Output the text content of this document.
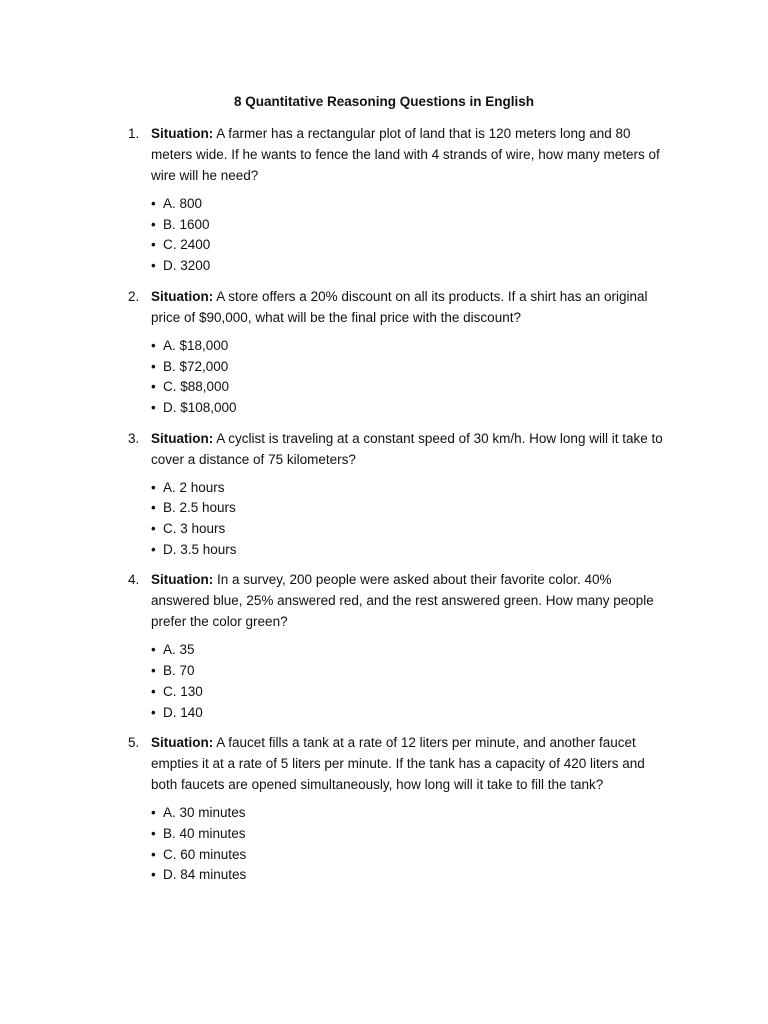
8 Quantitative Reasoning Questions in English
1. Situation: A farmer has a rectangular plot of land that is 120 meters long and 80 meters wide. If he wants to fence the land with 4 strands of wire, how many meters of wire will he need?

• A. 800
• B. 1600
• C. 2400
• D. 3200
2. Situation: A store offers a 20% discount on all its products. If a shirt has an original price of $90,000, what will be the final price with the discount?

• A. $18,000
• B. $72,000
• C. $88,000
• D. $108,000
3. Situation: A cyclist is traveling at a constant speed of 30 km/h. How long will it take to cover a distance of 75 kilometers?

• A. 2 hours
• B. 2.5 hours
• C. 3 hours
• D. 3.5 hours
4. Situation: In a survey, 200 people were asked about their favorite color. 40% answered blue, 25% answered red, and the rest answered green. How many people prefer the color green?

• A. 35
• B. 70
• C. 130
• D. 140
5. Situation: A faucet fills a tank at a rate of 12 liters per minute, and another faucet empties it at a rate of 5 liters per minute. If the tank has a capacity of 420 liters and both faucets are opened simultaneously, how long will it take to fill the tank?

• A. 30 minutes
• B. 40 minutes
• C. 60 minutes
• D. 84 minutes
